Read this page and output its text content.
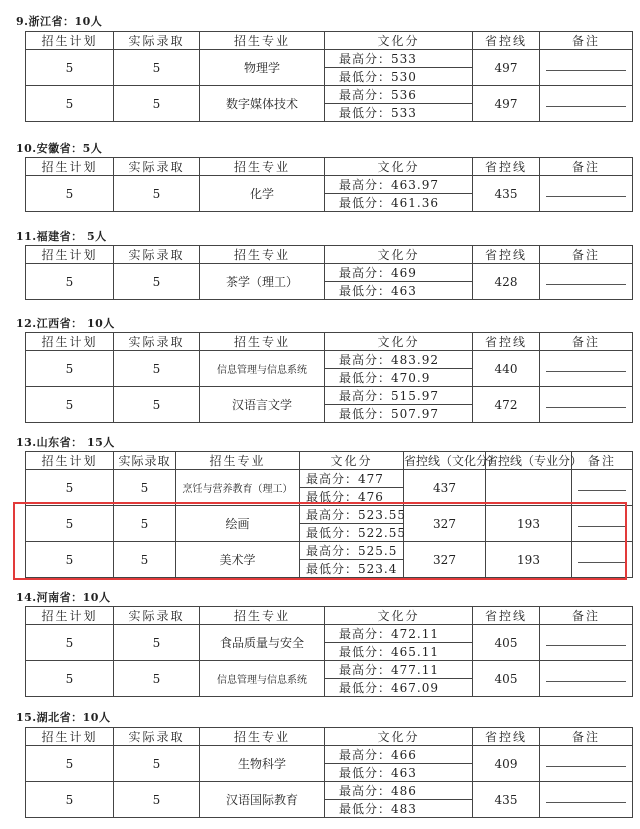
9.浙江省：10人
招生计划	实际录取	招生专业	文化分	省控线	备注
5	5	物理学	最高分：533	497	

			最低分：530		
5	5	数字媒体技术	最高分：536	497	

			最低分：533		
10.安徽省：5人
招生计划	实际录取	招生专业	文化分	省控线	备注
5	5	化学	最高分：463.97	435	

			最低分：461.36		
11.福建省： 5人
招生计划	实际录取	招生专业	文化分	省控线	备注
5	5	茶学（理工）	最高分：469	428	

			最低分：463		
12.江西省： 10人
招生计划	实际录取	招生专业	文化分	省控线	备注
5	5	信息管理与信息系统	最高分：483.92	440	

			最低分：470.9		
5	5	汉语言文学	最高分：515.97	472	

			最低分：507.97		
13.山东省： 15人
招生计划	实际录取	招生专业	文化分	省控线（文化分）	省控线（专业分）	备注
5	5	烹饪与营养教育（理工）	最高分：477	437		

			最低分：476			
5	5	绘画	最高分：523.55	327	193	

			最低分：522.55			
5	5	美术学	最高分：525.5	327	193	

			最低分：523.4			
14.河南省：10人
招生计划	实际录取	招生专业	文化分	省控线	备注
5	5	食品质量与安全	最高分：472.11	405	

			最低分：465.11		
5	5	信息管理与信息系统	最高分：477.11	405	

			最低分：467.09		
15.湖北省：10人
招生计划	实际录取	招生专业	文化分	省控线	备注
5	5	生物科学	最高分：466	409	

			最低分：463		
5	5	汉语国际教育	最高分：486	435	

			最低分：483		
